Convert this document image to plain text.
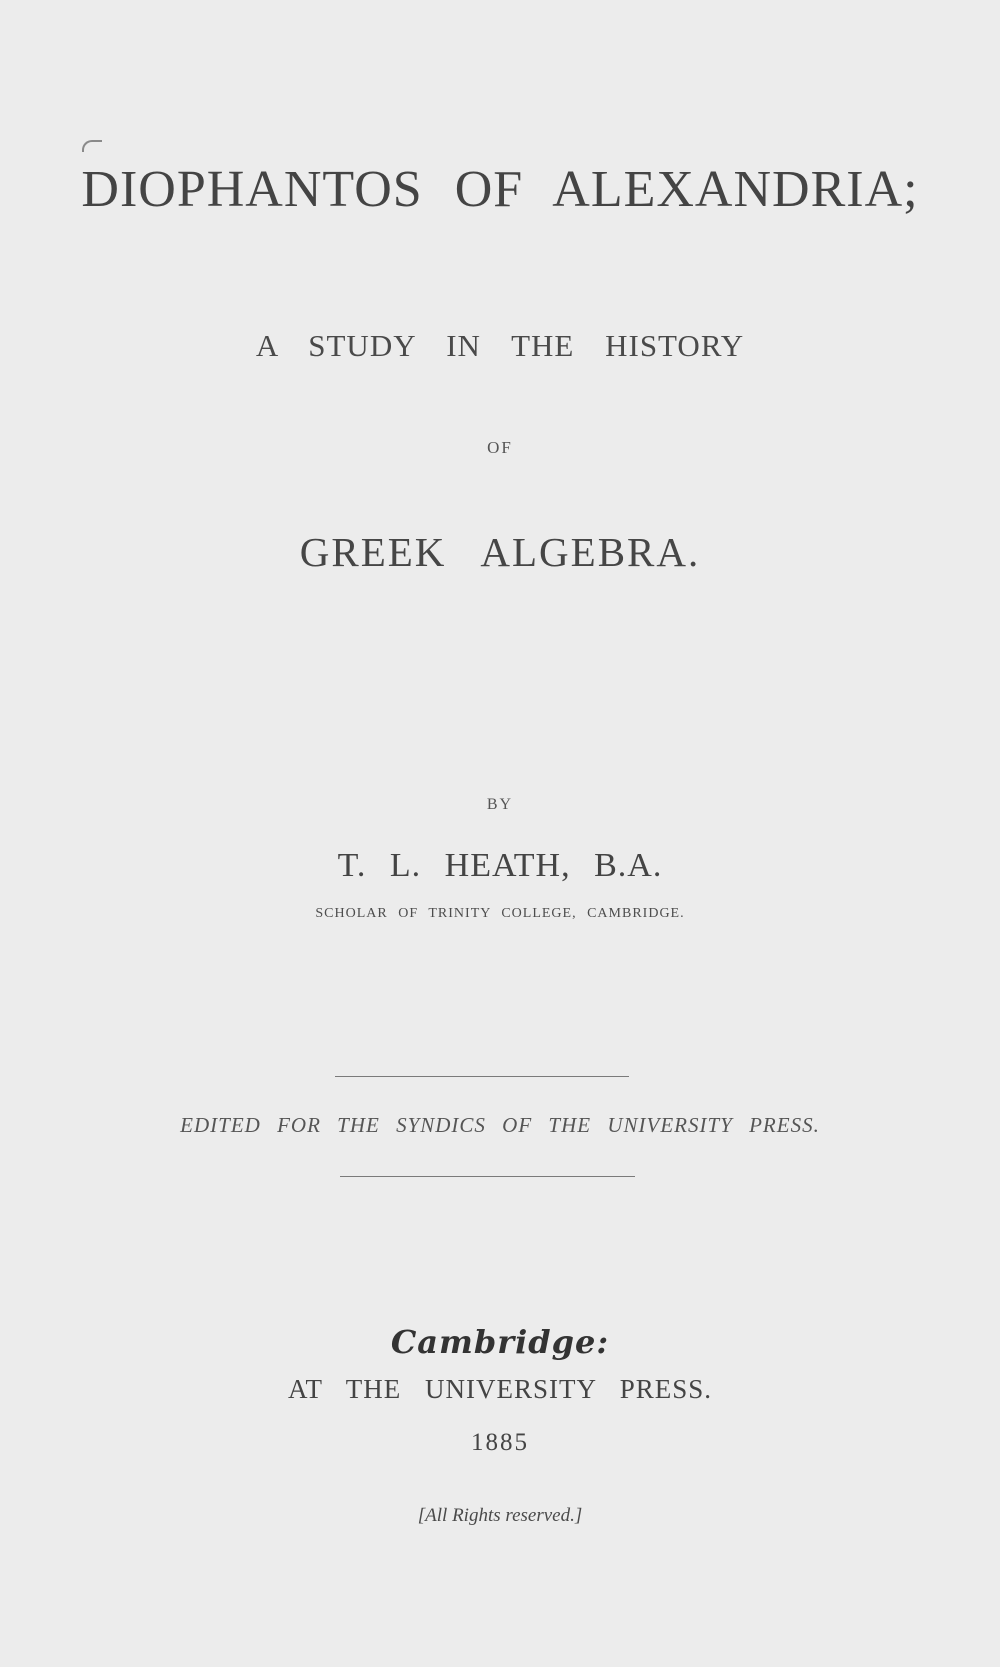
DIOPHANTOS OF ALEXANDRIA;
A STUDY IN THE HISTORY
OF
GREEK ALGEBRA.
BY
T. L. HEATH, B.A.
SCHOLAR OF TRINITY COLLEGE, CAMBRIDGE.
EDITED FOR THE SYNDICS OF THE UNIVERSITY PRESS.
Cambridge:
AT THE UNIVERSITY PRESS.
1885
[All Rights reserved.]
